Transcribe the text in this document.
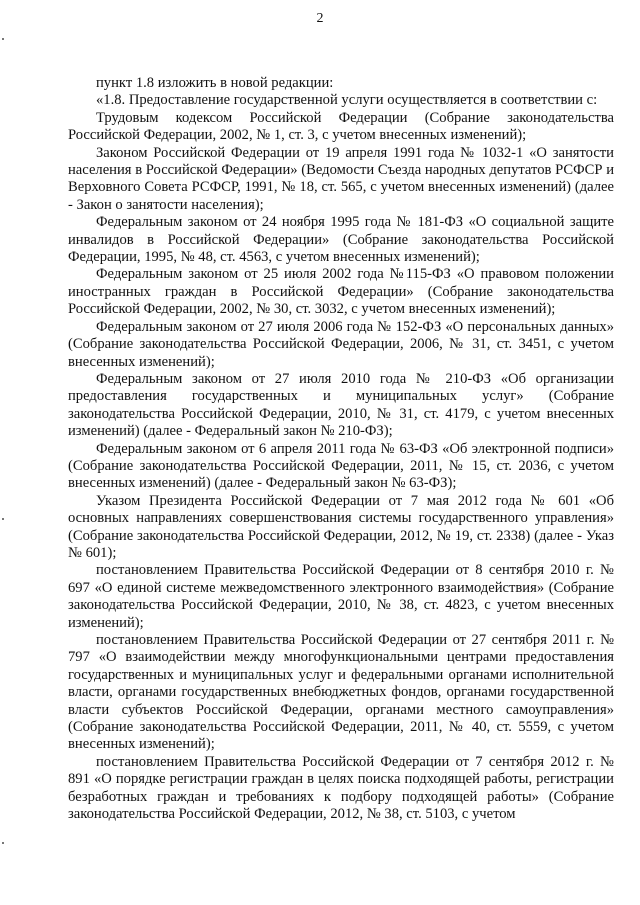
2

пункт 1.8 изложить в новой редакции:

«1.8. Предоставление государственной услуги осуществляется в соответствии с:

Трудовым кодексом Российской Федерации (Собрание законодательства Российской Федерации, 2002, № 1, ст. 3, с учетом внесенных изменений);

Законом Российской Федерации от 19 апреля 1991 года № 1032-1 «О занятости населения в Российской Федерации» (Ведомости Съезда народных депутатов РСФСР и Верховного Совета РСФСР, 1991, № 18, ст. 565, с учетом внесенных изменений) (далее - Закон о занятости населения);

Федеральным законом от 24 ноября 1995 года № 181-ФЗ «О социальной защите инвалидов в Российской Федерации» (Собрание законодательства Российской Федерации, 1995, № 48, ст. 4563, с учетом внесенных изменений);

Федеральным законом от 25 июля 2002 года №115-ФЗ «О правовом положении иностранных граждан в Российской Федерации» (Собрание законодательства Российской Федерации, 2002, № 30, ст. 3032, с учетом внесенных изменений);

Федеральным законом от 27 июля 2006 года № 152-ФЗ «О персональных данных» (Собрание законодательства Российской Федерации, 2006, № 31, ст. 3451, с учетом внесенных изменений);

Федеральным законом от 27 июля 2010 года № 210-ФЗ «Об организации предоставления государственных и муниципальных услуг» (Собрание законодательства Российской Федерации, 2010, № 31, ст. 4179, с учетом внесенных изменений) (далее - Федеральный закон № 210-ФЗ);

Федеральным законом от 6 апреля 2011 года № 63-ФЗ «Об электронной подписи» (Собрание законодательства Российской Федерации, 2011, № 15, ст. 2036, с учетом внесенных изменений) (далее - Федеральный закон № 63-ФЗ);

Указом Президента Российской Федерации от 7 мая 2012 года № 601 «Об основных направлениях совершенствования системы государственного управления» (Собрание законодательства Российской Федерации, 2012, № 19, ст. 2338) (далее - Указ № 601);

постановлением Правительства Российской Федерации от 8 сентября 2010 г. № 697 «О единой системе межведомственного электронного взаимодействия» (Собрание законодательства Российской Федерации, 2010, № 38, ст. 4823, с учетом внесенных изменений);

постановлением Правительства Российской Федерации от 27 сентября 2011 г. № 797 «О взаимодействии между многофункциональными центрами предоставления государственных и муниципальных услуг и федеральными органами исполнительной власти, органами государственных внебюджетных фондов, органами государственной власти субъектов Российской Федерации, органами местного самоуправления» (Собрание законодательства Российской Федерации, 2011, № 40, ст. 5559, с учетом внесенных изменений);

постановлением Правительства Российской Федерации от 7 сентября 2012 г. № 891 «О порядке регистрации граждан в целях поиска подходящей работы, регистрации безработных граждан и требованиях к подбору подходящей работы» (Собрание законодательства Российской Федерации, 2012, № 38, ст. 5103, с учетом
